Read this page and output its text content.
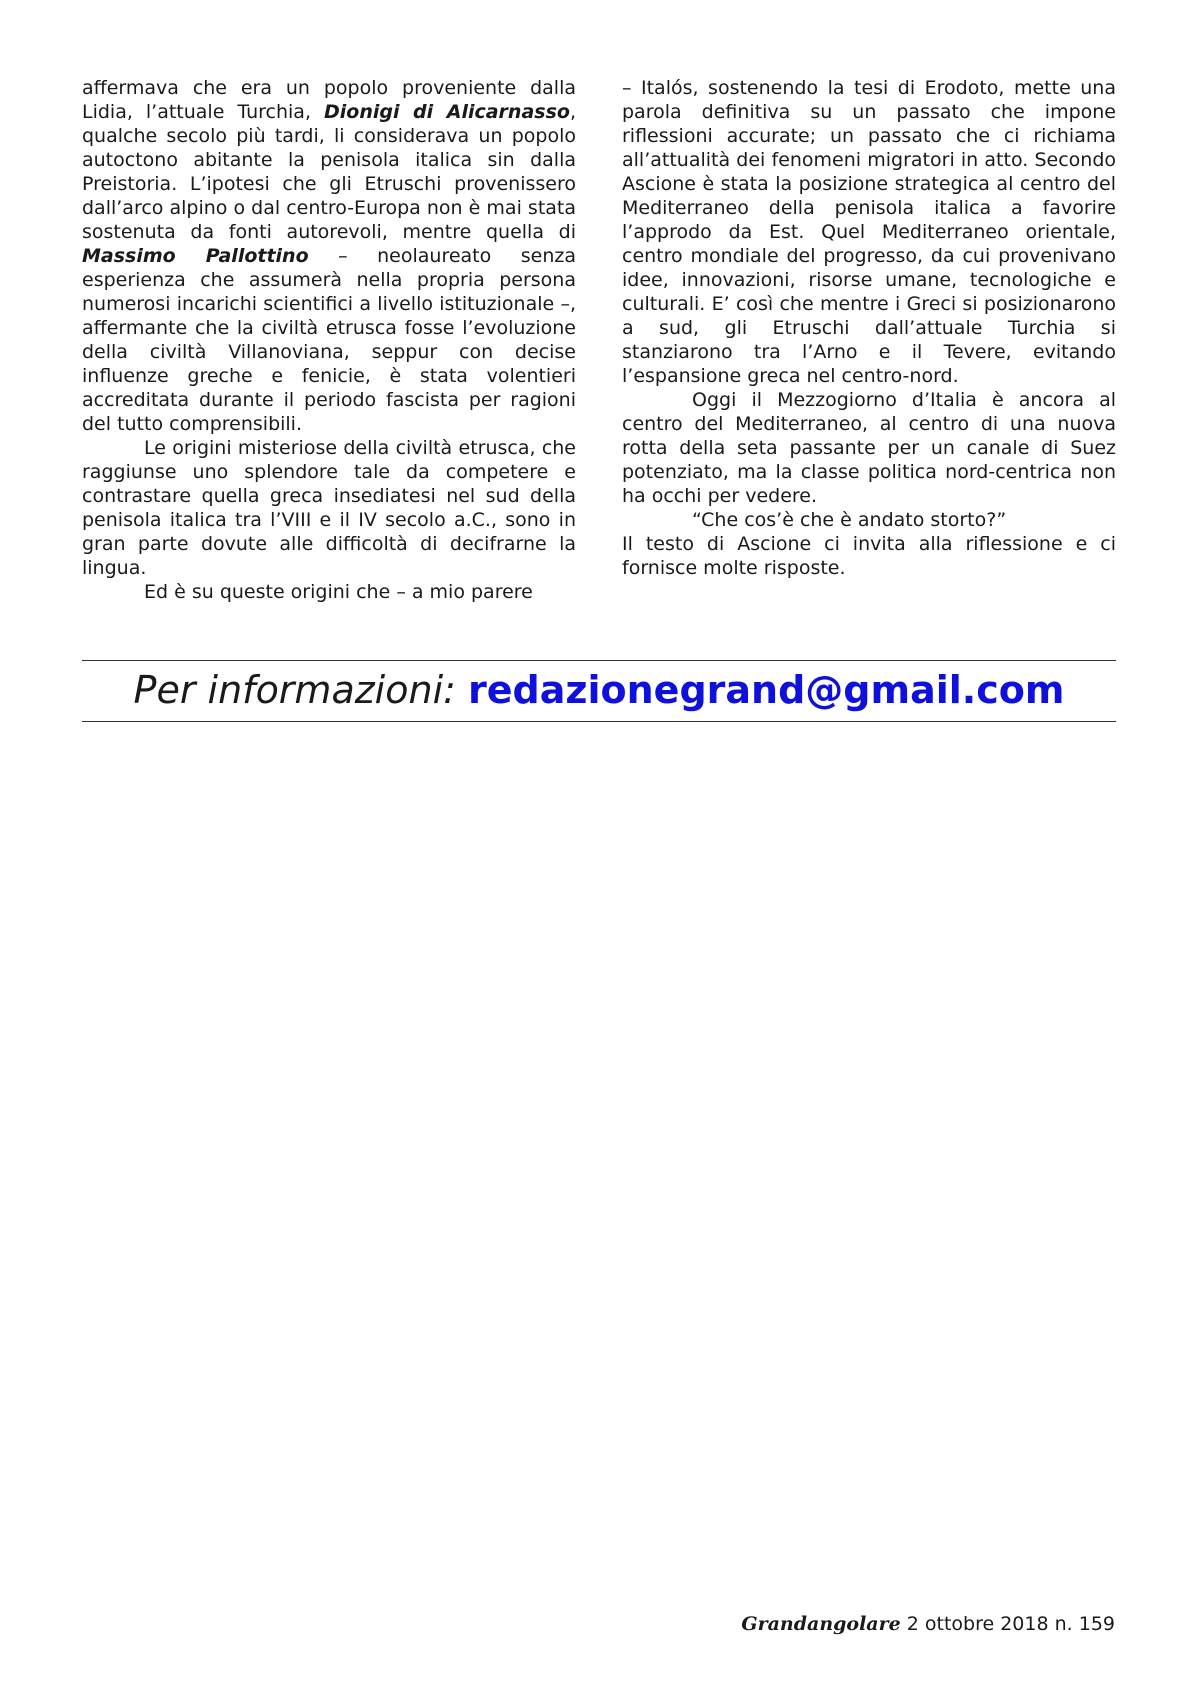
affermava che era un popolo proveniente dalla Lidia, l’attuale Turchia, Dionigi di Alicarnasso, qualche secolo più tardi, li considerava un popolo autoctono abitante la penisola italica sin dalla Preistoria. L’ipotesi che gli Etruschi provenissero dall’arco alpino o dal centro-Europa non è mai stata sostenuta da fonti autorevoli, mentre quella di Massimo Pallottino – neolaureato senza esperienza che assumerà nella propria persona numerosi incarichi scientifici a livello istituzionale –, affermante che la civiltà etrusca fosse l’evoluzione della civiltà Villanoviana, seppur con decise influenze greche e fenicie, è stata volentieri accreditata durante il periodo fascista per ragioni del tutto comprensibili.

Le origini misteriose della civiltà etrusca, che raggiunse uno splendore tale da competere e contrastare quella greca insediatesi nel sud della penisola italica tra l’VIII e il IV secolo a.C., sono in gran parte dovute alle difficoltà di decifrarne la lingua.

Ed è su queste origini che – a mio parere

– Italós, sostenendo la tesi di Erodoto, mette una parola definitiva su un passato che impone riflessioni accurate; un passato che ci richiama all’attualità dei fenomeni migratori in atto. Secondo Ascione è stata la posizione strategica al centro del Mediterraneo della penisola italica a favorire l’approdo da Est. Quel Mediterraneo orientale, centro mondiale del progresso, da cui provenivano idee, innovazioni, risorse umane, tecnologiche e culturali. E’ così che mentre i Greci si posizionarono a sud, gli Etruschi dall’attuale Turchia si stanziarono tra l’Arno e il Tevere, evitando l’espansione greca nel centro-nord.

Oggi il Mezzogiorno d’Italia è ancora al centro del Mediterraneo, al centro di una nuova rotta della seta passante per un canale di Suez potenziato, ma la classe politica nord-centrica non ha occhi per vedere.

“Che cos’è che è andato storto?”

Il testo di Ascione ci invita alla riflessione e ci fornisce molte risposte.

Per informazioni: redazionegrand@gmail.com
Grandangolare 2 ottobre 2018 n. 159
